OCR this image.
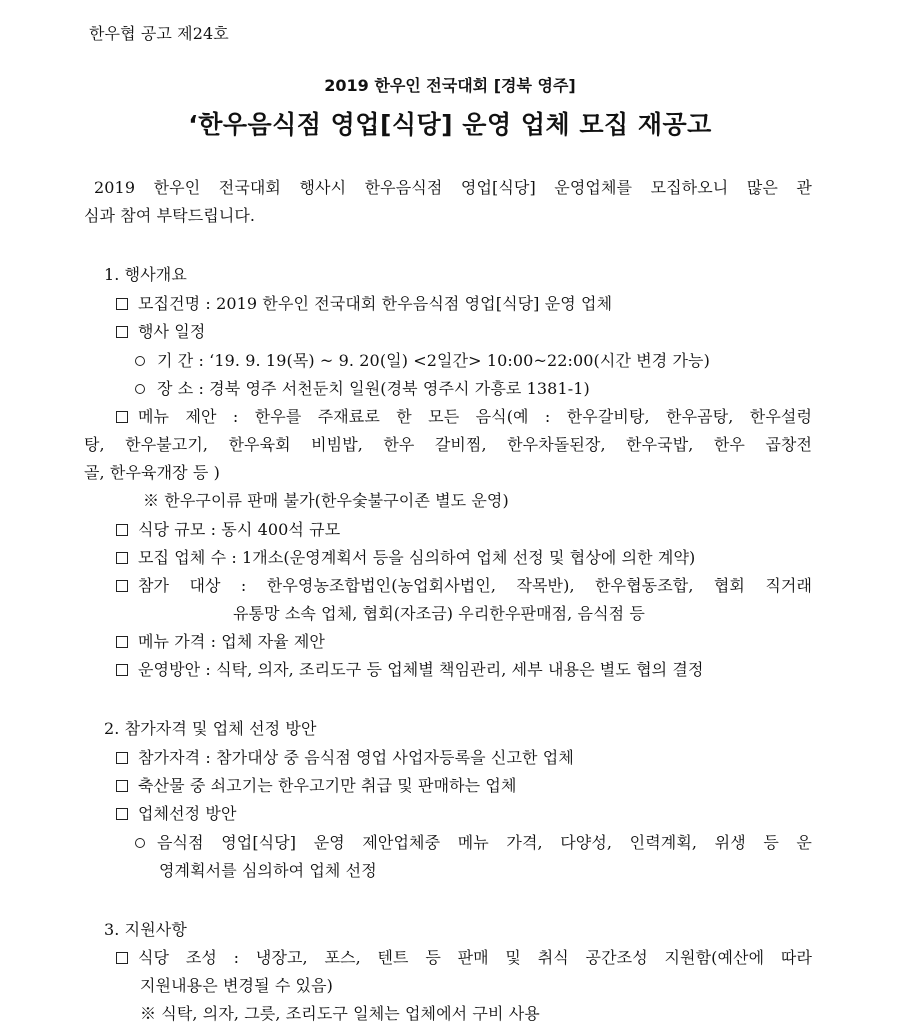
한우협 공고 제24호
2019 한우인 전국대회 [경북 영주]
‘한우음식점 영업[식당] 운영 업체 모집 재공고
2019 한우인 전국대회 행사시 한우음식점 영업[식당] 운영업체를 모집하오니 많은 관
심과 참여 부탁드립니다.
1. 행사개요
모집건명 : 2019 한우인 전국대회 한우음식점 영업[식당] 운영 업체
행사 일정
기 간 : ‘19. 9. 19(목) ~ 9. 20(일) <2일간> 10:00~22:00(시간 변경 가능)
장 소 : 경북 영주 서천둔치 일원(경북 영주시 가흥로 1381-1)
메뉴 제안 : 한우를 주재료로 한 모든 음식(예 : 한우갈비탕, 한우곰탕, 한우설렁
탕, 한우불고기, 한우육회 비빔밥, 한우 갈비찜, 한우차돌된장, 한우국밥, 한우 곱창전
골, 한우육개장 등 )
※ 한우구이류 판매 불가(한우숯불구이존 별도 운영)
식당 규모 : 동시 400석 규모
모집 업체 수 : 1개소(운영계획서 등을 심의하여 업체 선정 및 협상에 의한 계약)
참가 대상 : 한우영농조합법인(농업회사법인, 작목반), 한우협동조합, 협회 직거래
유통망 소속 업체, 협회(자조금) 우리한우판매점, 음식점 등
메뉴 가격 : 업체 자율 제안
운영방안 : 식탁, 의자, 조리도구 등 업체별 책임관리, 세부 내용은 별도 협의 결정
2. 참가자격 및 업체 선정 방안
참가자격 : 참가대상 중 음식점 영업 사업자등록을 신고한 업체
축산물 중 쇠고기는 한우고기만 취급 및 판매하는 업체
업체선정 방안
음식점 영업[식당] 운영 제안업체중 메뉴 가격, 다양성, 인력계획, 위생 등 운
영계획서를 심의하여 업체 선정
3. 지원사항
식당 조성 : 냉장고, 포스, 텐트 등 판매 및 취식 공간조성 지원함(예산에 따라
지원내용은 변경될 수 있음)
※ 식탁, 의자, 그릇, 조리도구 일체는 업체에서 구비 사용
